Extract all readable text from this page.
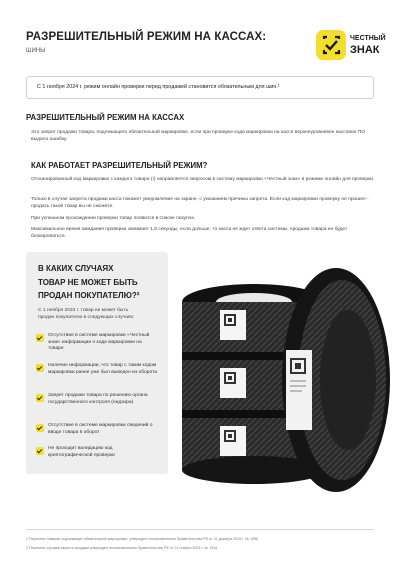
РАЗРЕШИТЕЛЬНЫЙ РЕЖИМ НА КАССАХ:
ШИНЫ
ЧЕСТНЫЙ
ЗНАК
С 1 ноября 2024 г. режим онлайн проверки перед продажей становится обязательным для шин.¹
РАЗРЕШИТЕЛЬНЫЙ РЕЖИМ НА КАССАХ
Это запрет продажи товара, подлежащего обязательной маркировке, если при проверке кода маркировки на кассе верхнеуровневое кассовое ПО выдало ошибку.
КАК РАБОТАЕТ РАЗРЕШИТЕЛЬНЫЙ РЕЖИМ?
Отсканированный код маркировки с каждого товара (!) направляется запросом в систему маркировки «Честный знак» в режиме онлайн для проверки.
Только в случае запрета продажи касса покажет уведомление на экране, с указанием причины запрета. Если код маркировки проверку не прошел - продать такой товар вы не сможете.
При успешном прохождении проверки товар появится в списке покупок.
Максимальное время ожидания проверки занимает 1,5 секунды, если дольше, то касса не ждет ответа системы, продажа товара не будет блокироваться.
В КАКИХ СЛУЧАЯХ
ТОВАР НЕ МОЖЕТ БЫТЬ
ПРОДАН ПОКУПАТЕЛЮ?²
С 1 ноября 2024 г. товар не может быть продан покупателю в следующих случаях:
Отсутствие в системе маркировки «Честный знак» информации о коде маркировки на товаре
Наличие информации, что товар с таким кодом маркировки ранее уже был выведен из оборота
Запрет продажи товара по решению органа государственного контроля (надзора)
Отсутствие в системе маркировки сведений о вводе товара в оборот
Не проходит валидацию код криптографической проверки
1 Перечень товаров, подлежащих обязательной маркировке, утвержден постановлением Правительства РФ от 31 декабря 2019 г. № 1956
2 Перечень случаев запрета продажи утвержден постановлением Правительства РФ от 21 ноября 2023 г. № 1944
